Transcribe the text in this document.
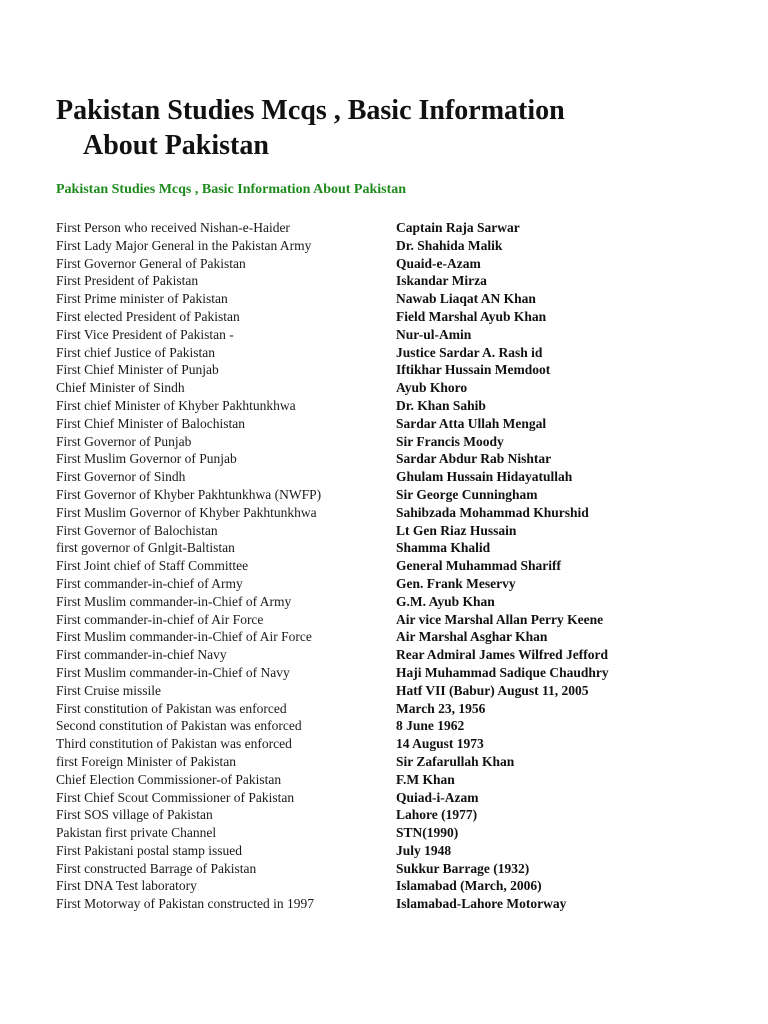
Pakistan Studies Mcqs , Basic Information
About Pakistan

Pakistan Studies Mcqs , Basic Information About Pakistan

First Person who received Nishan-e-Haider	Captain Raja Sarwar
First Lady Major General in the Pakistan Army	Dr. Shahida Malik
First Governor General of Pakistan	Quaid-e-Azam
First President of Pakistan	Iskandar Mirza
First Prime minister of Pakistan	Nawab Liaqat AN Khan
First elected President of Pakistan	Field Marshal Ayub Khan
First Vice President of Pakistan -	Nur-ul-Amin
First chief Justice of Pakistan	Justice Sardar A. Rash id
First Chief Minister of Punjab	Iftikhar Hussain Memdoot
Chief Minister of Sindh	Ayub Khoro
First chief Minister of Khyber Pakhtunkhwa	Dr. Khan Sahib
First Chief Minister of Balochistan	Sardar Atta Ullah Mengal
First Governor of Punjab	Sir Francis Moody
First Muslim Governor of Punjab	Sardar Abdur Rab Nishtar
First Governor of Sindh	Ghulam Hussain Hidayatullah
First Governor of Khyber Pakhtunkhwa (NWFP)	Sir George Cunningham
First Muslim Governor of Khyber Pakhtunkhwa	Sahibzada Mohammad Khurshid
First Governor of Balochistan	Lt Gen Riaz Hussain
first governor of Gnlgit-Baltistan	Shamma Khalid
First Joint chief of Staff Committee	General Muhammad Shariff
First commander-in-chief of Army	Gen. Frank Meservy
First Muslim commander-in-Chief of Army	G.M. Ayub Khan
First commander-in-chief of Air Force	Air vice Marshal Allan Perry Keene
First Muslim commander-in-Chief of Air Force	Air Marshal Asghar Khan
First commander-in-chief Navy	Rear Admiral James Wilfred Jefford
First Muslim commander-in-Chief of Navy	Haji Muhammad Sadique Chaudhry
First Cruise missile	Hatf VII (Babur) August 11, 2005
First constitution of Pakistan was enforced	March 23, 1956
Second constitution of Pakistan was enforced	8 June 1962
Third constitution of Pakistan was enforced	14 August 1973
first Foreign Minister of Pakistan	Sir Zafarullah Khan
Chief Election Commissioner-of Pakistan	F.M Khan
First Chief Scout Commissioner of Pakistan	Quiad-i-Azam
First SOS village of Pakistan	Lahore (1977)
Pakistan first private Channel	STN(1990)
First Pakistani postal stamp issued	July 1948
First constructed Barrage of Pakistan	Sukkur Barrage (1932)
First DNA Test laboratory	Islamabad (March, 2006)
First Motorway of Pakistan constructed in 1997	Islamabad-Lahore Motorway
